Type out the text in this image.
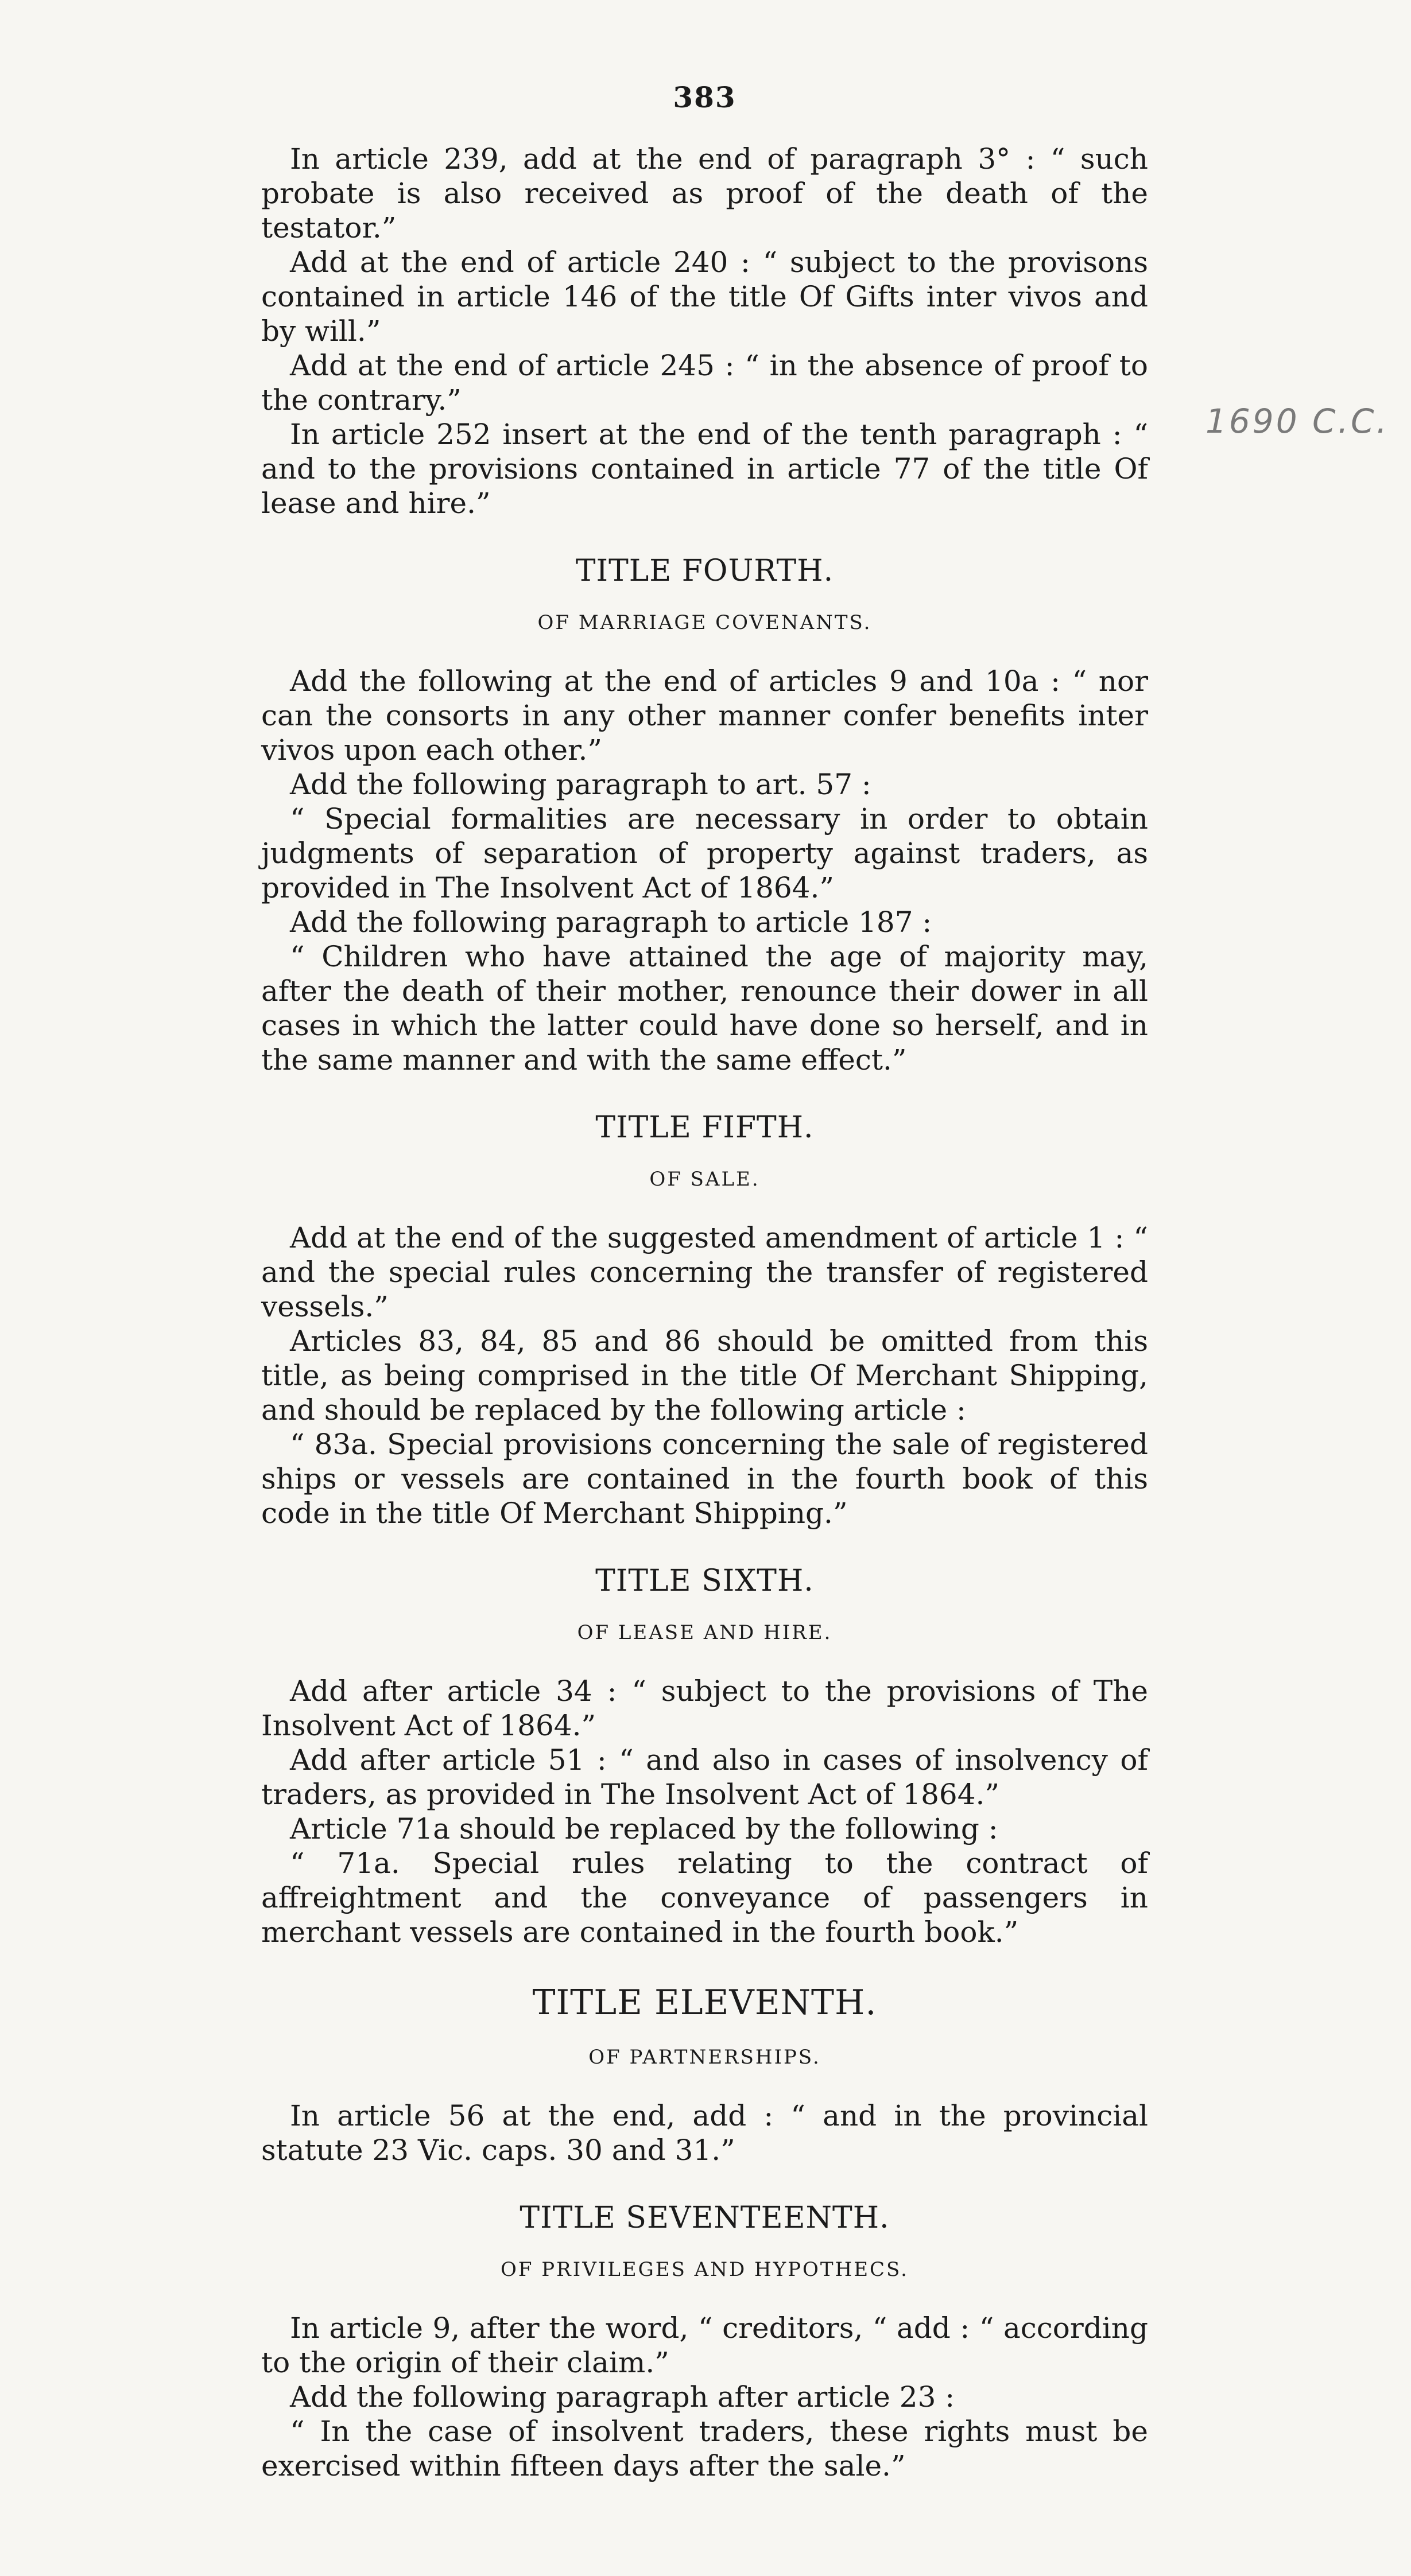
383

In article 239, add at the end of paragraph 3° : “ such probate is also received as proof of the death of the testator.”

Add at the end of article 240 : “ subject to the provisons contained in article 146 of the title Of Gifts inter vivos and by will.”

Add at the end of article 245 : “ in the absence of proof to the contrary.”

In article 252 insert at the end of the tenth paragraph : “ and to the provisions contained in article 77 of the title Of lease and hire.”

TITLE FOURTH.
OF MARRIAGE COVENANTS.

Add the following at the end of articles 9 and 10a : “ nor can the consorts in any other manner confer benefits inter vivos upon each other.”

Add the following paragraph to art. 57 :

“ Special formalities are necessary in order to obtain judgments of separation of property against traders, as provided in The Insolvent Act of 1864.”

Add the following paragraph to article 187 :

“ Children who have attained the age of majority may, after the death of their mother, renounce their dower in all cases in which the latter could have done so herself, and in the same manner and with the same effect.”

TITLE FIFTH.
OF SALE.

Add at the end of the suggested amendment of article 1 : “ and the special rules concerning the transfer of registered vessels.”

Articles 83, 84, 85 and 86 should be omitted from this title, as being comprised in the title Of Merchant Shipping, and should be replaced by the following article :

“ 83a. Special provisions concerning the sale of registered ships or vessels are contained in the fourth book of this code in the title Of Merchant Shipping.”

TITLE SIXTH.
OF LEASE AND HIRE.

Add after article 34 : “ subject to the provisions of The Insolvent Act of 1864.”

Add after article 51 : “ and also in cases of insolvency of traders, as provided in The Insolvent Act of 1864.”

Article 71a should be replaced by the following :

“ 71a. Special rules relating to the contract of affreightment and the conveyance of passengers in merchant vessels are contained in the fourth book.”

TITLE ELEVENTH.
OF PARTNERSHIPS.

In article 56 at the end, add : “ and in the provincial statute 23 Vic. caps. 30 and 31.”

TITLE SEVENTEENTH.
OF PRIVILEGES AND HYPOTHECS.

In article 9, after the word, “ creditors, “ add : “ according to the origin of their claim.”

Add the following paragraph after article 23 :

“ In the case of insolvent traders, these rights must be exercised within fifteen days after the sale.”

1690 C.C.
